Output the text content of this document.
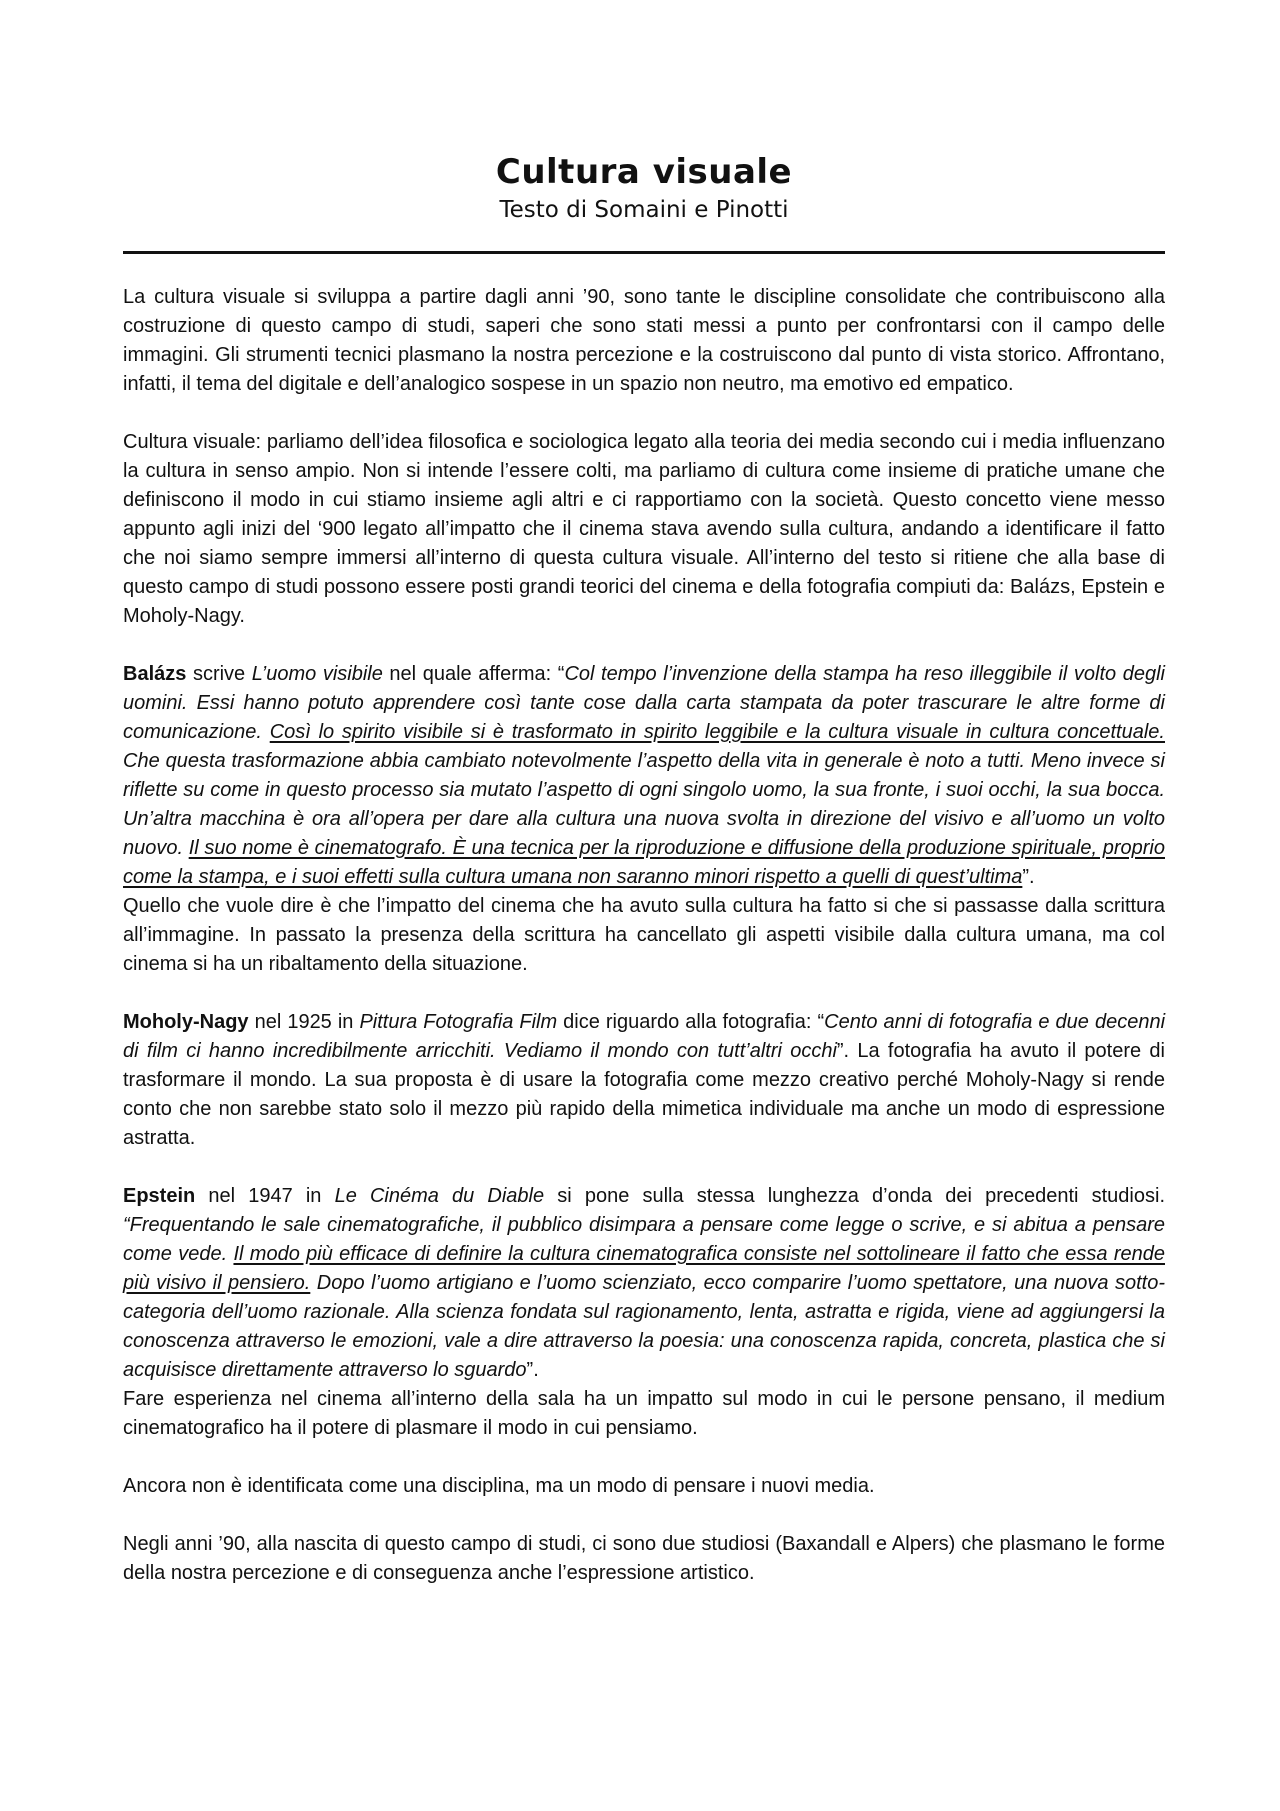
Cultura visuale
Testo di Somaini e Pinotti

La cultura visuale si sviluppa a partire dagli anni ’90, sono tante le discipline consolidate che contribuiscono alla costruzione di questo campo di studi, saperi che sono stati messi a punto per confrontarsi con il campo delle immagini. Gli strumenti tecnici plasmano la nostra percezione e la costruiscono dal punto di vista storico. Affrontano, infatti, il tema del digitale e dell’analogico sospese in un spazio non neutro, ma emotivo ed empatico.

Cultura visuale: parliamo dell’idea filosofica e sociologica legato alla teoria dei media secondo cui i media influenzano la cultura in senso ampio. Non si intende l’essere colti, ma parliamo di cultura come insieme di pratiche umane che definiscono il modo in cui stiamo insieme agli altri e ci rapportiamo con la società. Questo concetto viene messo appunto agli inizi del ‘900 legato all’impatto che il cinema stava avendo sulla cultura, andando a identificare il fatto che noi siamo sempre immersi all’interno di questa cultura visuale. All’interno del testo si ritiene che alla base di questo campo di studi possono essere posti grandi teorici del cinema e della fotografia compiuti da: Balázs, Epstein e Moholy-Nagy.

Balázs scrive L’uomo visibile nel quale afferma: “Col tempo l’invenzione della stampa ha reso illeggibile il volto degli uomini. Essi hanno potuto apprendere così tante cose dalla carta stampata da poter trascurare le altre forme di comunicazione. Così lo spirito visibile si è trasformato in spirito leggibile e la cultura visuale in cultura concettuale. Che questa trasformazione abbia cambiato notevolmente l’aspetto della vita in generale è noto a tutti. Meno invece si riflette su come in questo processo sia mutato l’aspetto di ogni singolo uomo, la sua fronte, i suoi occhi, la sua bocca. Un’altra macchina è ora all’opera per dare alla cultura una nuova svolta in direzione del visivo e all’uomo un volto nuovo. Il suo nome è cinematografo. È una tecnica per la riproduzione e diffusione della produzione spirituale, proprio come la stampa, e i suoi effetti sulla cultura umana non saranno minori rispetto a quelli di quest’ultima”.

Quello che vuole dire è che l’impatto del cinema che ha avuto sulla cultura ha fatto si che si passasse dalla scrittura all’immagine. In passato la presenza della scrittura ha cancellato gli aspetti visibile dalla cultura umana, ma col cinema si ha un ribaltamento della situazione.

Moholy-Nagy nel 1925 in Pittura Fotografia Film dice riguardo alla fotografia: “Cento anni di fotografia e due decenni di film ci hanno incredibilmente arricchiti. Vediamo il mondo con tutt’altri occhi”. La fotografia ha avuto il potere di trasformare il mondo. La sua proposta è di usare la fotografia come mezzo creativo perché Moholy-Nagy si rende conto che non sarebbe stato solo il mezzo più rapido della mimetica individuale ma anche un modo di espressione astratta.

Epstein nel 1947 in Le Cinéma du Diable si pone sulla stessa lunghezza d’onda dei precedenti studiosi. “Frequentando le sale cinematografiche, il pubblico disimpara a pensare come legge o scrive, e si abitua a pensare come vede. Il modo più efficace di definire la cultura cinematografica consiste nel sottolineare il fatto che essa rende più visivo il pensiero. Dopo l’uomo artigiano e l’uomo scienziato, ecco comparire l’uomo spettatore, una nuova sotto-categoria dell’uomo razionale. Alla scienza fondata sul ragionamento, lenta, astratta e rigida, viene ad aggiungersi la conoscenza attraverso le emozioni, vale a dire attraverso la poesia: una conoscenza rapida, concreta, plastica che si acquisisce direttamente attraverso lo sguardo”.

Fare esperienza nel cinema all’interno della sala ha un impatto sul modo in cui le persone pensano, il medium cinematografico ha il potere di plasmare il modo in cui pensiamo.

Ancora non è identificata come una disciplina, ma un modo di pensare i nuovi media.

Negli anni ’90, alla nascita di questo campo di studi, ci sono due studiosi (Baxandall e Alpers) che plasmano le forme della nostra percezione e di conseguenza anche l’espressione artistico.
